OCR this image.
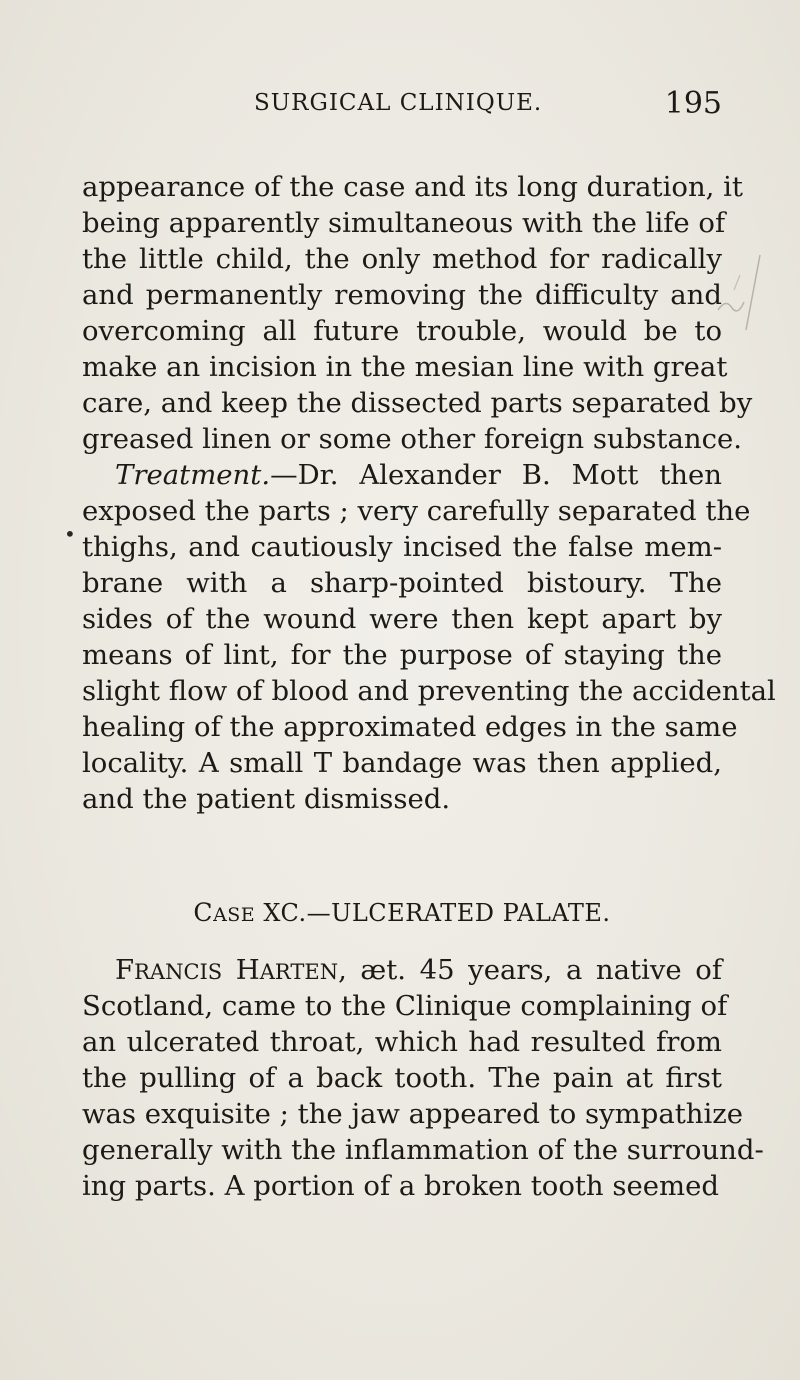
SURGICAL CLINIQUE.	195
appearance of the case and its long duration, it
being apparently simultaneous with the life of
the little child, the only method for radically
and permanently removing the difficulty and
overcoming all future trouble, would be to
make an incision in the mesian line with great
care, and keep the dissected parts separated by
greased linen or some other foreign substance.
Treatment.—Dr. Alexander B. Mott then
•
exposed the parts ; very carefully separated the
thighs, and cautiously incised the false mem-
brane with a sharp-pointed bistoury. The
sides of the wound were then kept apart by
means of lint, for the purpose of staying the
slight flow of blood and preventing the accidental
healing of the approximated edges in the same
locality. A small T bandage was then applied,
and the patient dismissed.
CASE XC.—ULCERATED PALATE.
FRANCIS HARTEN, æt. 45 years, a native of
Scotland, came to the Clinique complaining of
an ulcerated throat, which had resulted from
the pulling of a back tooth. The pain at first
was exquisite ; the jaw appeared to sympathize
generally with the inflammation of the surround-
ing parts. A portion of a broken tooth seemed
